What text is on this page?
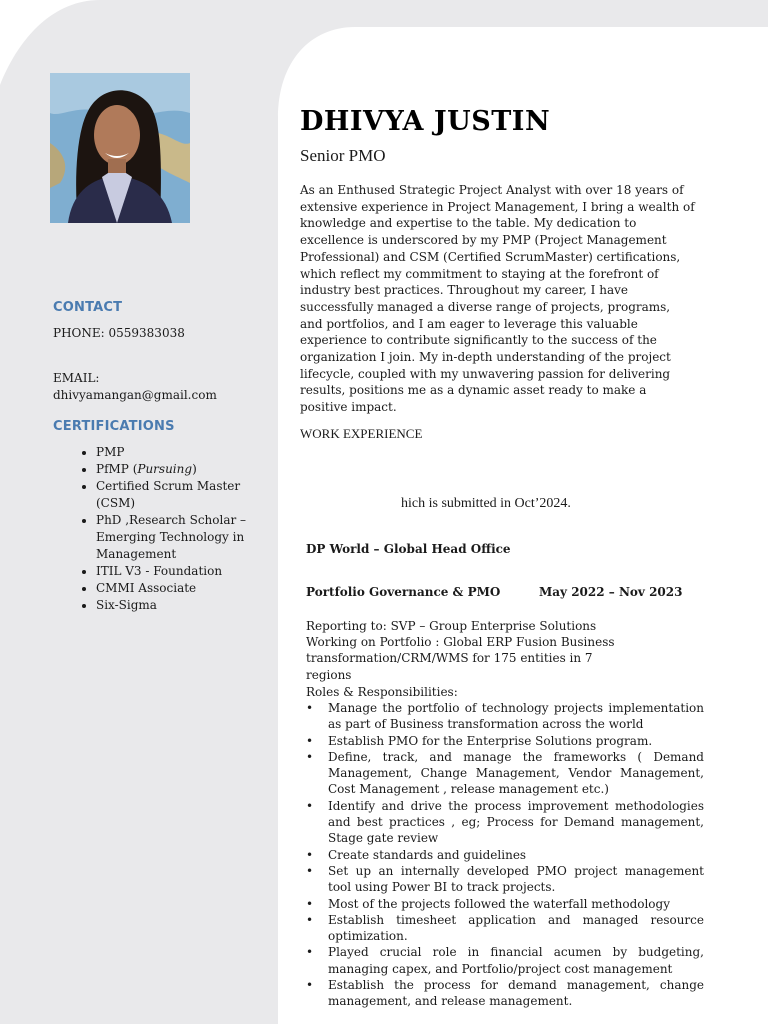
CONTACT
PHONE: 0559383038
EMAIL:
dhivyamangan@gmail.com
CERTIFICATIONS
• PMP
• PfMP (Pursuing)
• Certified Scrum Master (CSM)
• PhD ,Research Scholar – Emerging Technology in Management
• ITIL V3 - Foundation
• CMMI Associate
• Six-Sigma
DHIVYA JUSTIN
Senior PMO

As an Enthused Strategic Project Analyst with over 18 years of extensive experience in Project Management, I bring a wealth of knowledge and expertise to the table. My dedication to excellence is underscored by my PMP (Project Management Professional) and CSM (Certified ScrumMaster) certifications, which reflect my commitment to staying at the forefront of industry best practices. Throughout my career, I have successfully managed a diverse range of projects, programs, and portfolios, and I am eager to leverage this valuable experience to contribute significantly to the success of the organization I join. My in-depth understanding of the project lifecycle, coupled with my unwavering passion for delivering results, positions me as a dynamic asset ready to make a positive impact.

WORK EXPERIENCE
hich is submitted in Oct’2024.
DP World – Global Head Office
Portfolio Governance & PMO	May 2022 – Nov 2023
Reporting to: SVP – Group Enterprise Solutions
Working on Portfolio : Global ERP Fusion Business transformation/CRM/WMS for 175 entities in 7 regions
Roles & Responsibilities:
• Manage the portfolio of technology projects implementation as part of Business transformation across the world
• Establish PMO for the Enterprise Solutions program.
• Define, track, and manage the frameworks ( Demand Management, Change Management, Vendor Management, Cost Management , release management etc.)
• Identify and drive the process improvement methodologies and best practices , eg; Process for Demand management, Stage gate review
• Create standards and guidelines
• Set up an internally developed PMO project management tool using Power BI to track projects.
• Most of the projects followed the waterfall methodology
• Establish timesheet application and managed resource optimization.
• Played crucial role in financial acumen by budgeting, managing capex, and Portfolio/project cost management
• Establish the process for demand management, change management, and release management.
